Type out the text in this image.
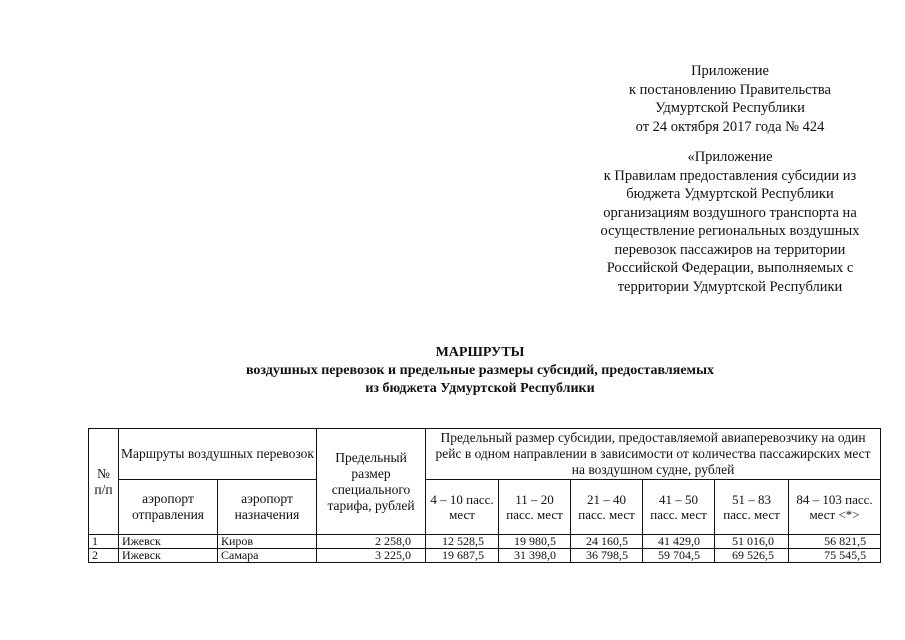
Приложение
к постановлению Правительства
Удмуртской Республики
от 24 октября 2017 года № 424
«Приложение
к Правилам предоставления субсидии из
бюджета Удмуртской Республики
организациям воздушного транспорта на
осуществление региональных воздушных
перевозок пассажиров на территории
Российской Федерации, выполняемых с
территории Удмуртской Республики
МАРШРУТЫ
воздушных перевозок и предельные размеры субсидий, предоставляемых
из бюджета Удмуртской Республики
№ п/п	Маршруты воздушных перевозок		Предельный размер специального тарифа, рублей	Предельный размер субсидии, предоставляемой авиаперевозчику на один рейс в одном направлении в зависимости от количества пассажирских мест на воздушном судне, рублей					
	аэропорт отправления	аэропорт назначения		4 – 10 пасс. мест	11 – 20 пасс. мест	21 – 40 пасс. мест	41 – 50 пасс. мест	51 – 83 пасс. мест	84 – 103 пасс. мест <*>
1	Ижевск	Киров	2 258,0	12 528,5	19 980,5	24 160,5	41 429,0	51 016,0	56 821,5
2	Ижевск	Самара	3 225,0	19 687,5	31 398,0	36 798,5	59 704,5	69 526,5	75 545,5
